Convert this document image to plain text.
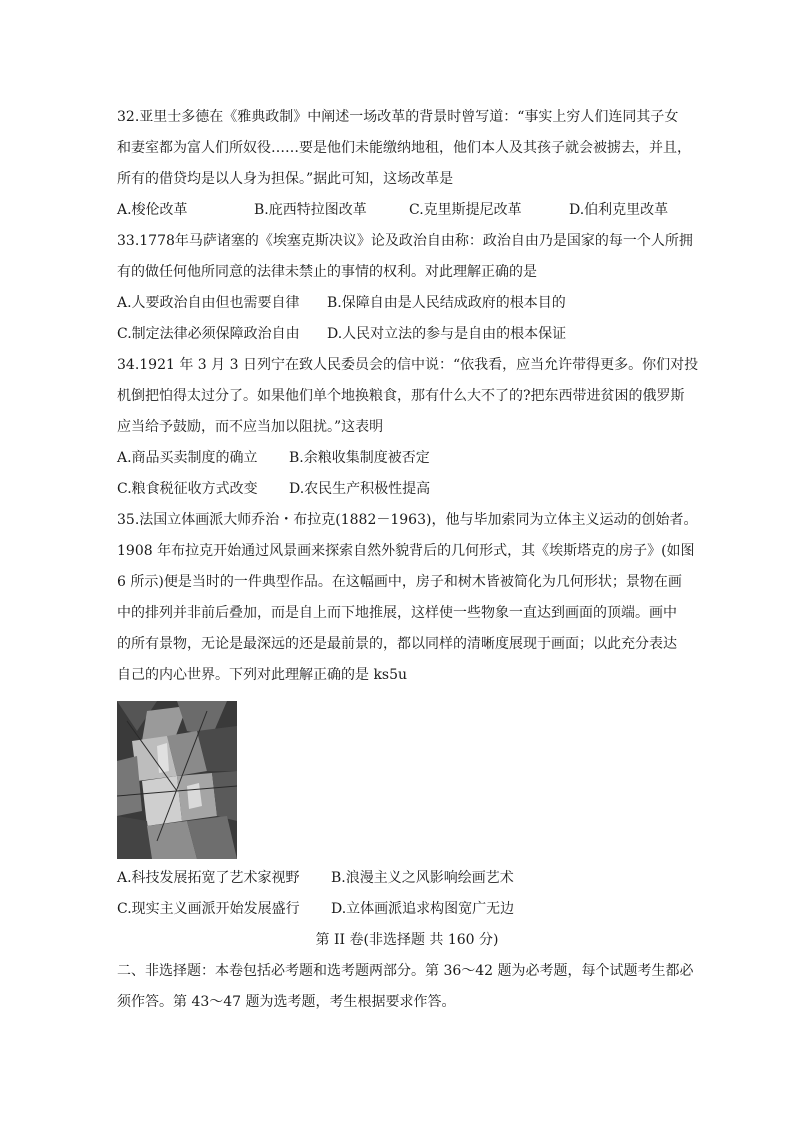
32.亚里士多德在《雅典政制》中阐述一场改革的背景时曾写道：“事实上穷人们连同其子女

和妻室都为富人们所奴役……要是他们未能缴纳地租，他们本人及其孩子就会被掳去，并且，

所有的借贷均是以人身为担保。”据此可知，这场改革是

A.梭伦改革	B.庇西特拉图改革	C.克里斯提尼改革	D.伯利克里改革

33.1778年马萨诸塞的《埃塞克斯决议》论及政治自由称：政治自由乃是国家的每一个人所拥

有的做任何他所同意的法律未禁止的事情的权利。对此理解正确的是

A.人要政治自由但也需要自律 B.保障自由是人民结成政府的根本目的

C.制定法律必须保障政治自由 D.人民对立法的参与是自由的根本保证

34.1921 年 3 月 3 日列宁在致人民委员会的信中说：“依我看，应当允许带得更多。你们对投

机倒把怕得太过分了。如果他们单个地换粮食，那有什么大不了的?把东西带进贫困的俄罗斯

应当给予鼓励，而不应当加以阻扰。”这表明

A.商品买卖制度的确立 B.余粮收集制度被否定

C.粮食税征收方式改变 D.农民生产积极性提高

35.法国立体画派大师乔治・布拉克(1882－1963)，他与毕加索同为立体主义运动的创始者。

1908 年布拉克开始通过风景画来探索自然外貌背后的几何形式，其《埃斯塔克的房子》(如图

6 所示)便是当时的一件典型作品。在这幅画中，房子和树木皆被简化为几何形状；景物在画

中的排列并非前后叠加，而是自上而下地推展，这样使一些物象一直达到画面的顶端。画中

的所有景物，无论是最深远的还是最前景的，都以同样的清晰度展现于画面；以此充分表达

自己的内心世界。下列对此理解正确的是 ks5u

A.科技发展拓宽了艺术家视野 B.浪漫主义之风影响绘画艺术

C.现实主义画派开始发展盛行 D.立体画派追求构图宽广无边

第 II 卷(非选择题 共 160 分)

二、非选择题：本卷包括必考题和选考题两部分。第 36～42 题为必考题，每个试题考生都必

须作答。第 43～47 题为选考题，考生根据要求作答。
